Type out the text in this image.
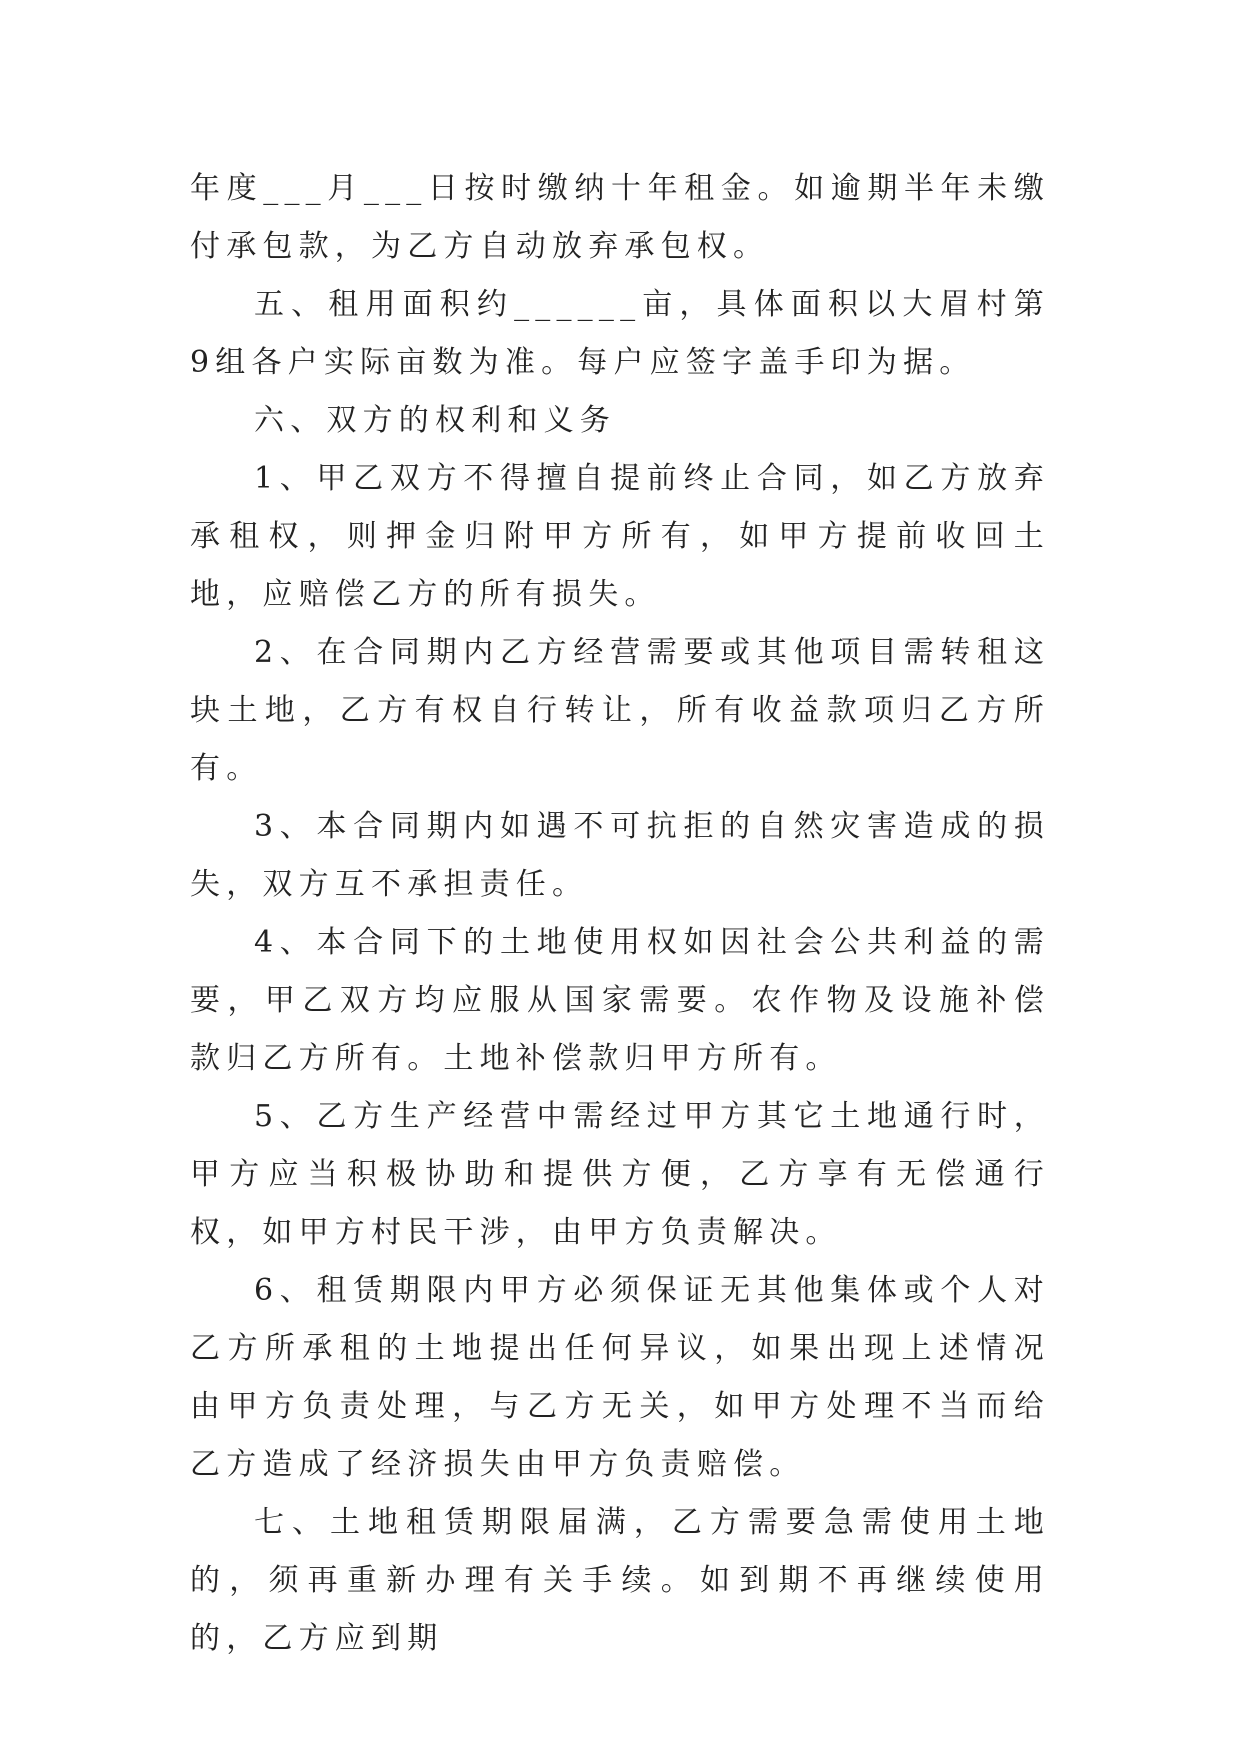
年度___月___日按时缴纳十年租金。如逾期半年未缴付承包款，为乙方自动放弃承包权。

五、租用面积约______亩，具体面积以大眉村第9组各户实际亩数为准。每户应签字盖手印为据。

六、双方的权利和义务

1、甲乙双方不得擅自提前终止合同，如乙方放弃承租权，则押金归附甲方所有，如甲方提前收回土地，应赔偿乙方的所有损失。

2、在合同期内乙方经营需要或其他项目需转租这块土地，乙方有权自行转让，所有收益款项归乙方所有。

3、本合同期内如遇不可抗拒的自然灾害造成的损失，双方互不承担责任。

4、本合同下的土地使用权如因社会公共利益的需要，甲乙双方均应服从国家需要。农作物及设施补偿款归乙方所有。土地补偿款归甲方所有。

5、乙方生产经营中需经过甲方其它土地通行时，甲方应当积极协助和提供方便，乙方享有无偿通行权，如甲方村民干涉，由甲方负责解决。

6、租赁期限内甲方必须保证无其他集体或个人对乙方所承租的土地提出任何异议，如果出现上述情况由甲方负责处理，与乙方无关，如甲方处理不当而给乙方造成了经济损失由甲方负责赔偿。

七、土地租赁期限届满，乙方需要急需使用土地的，须再重新办理有关手续。如到期不再继续使用的，乙方应到期
